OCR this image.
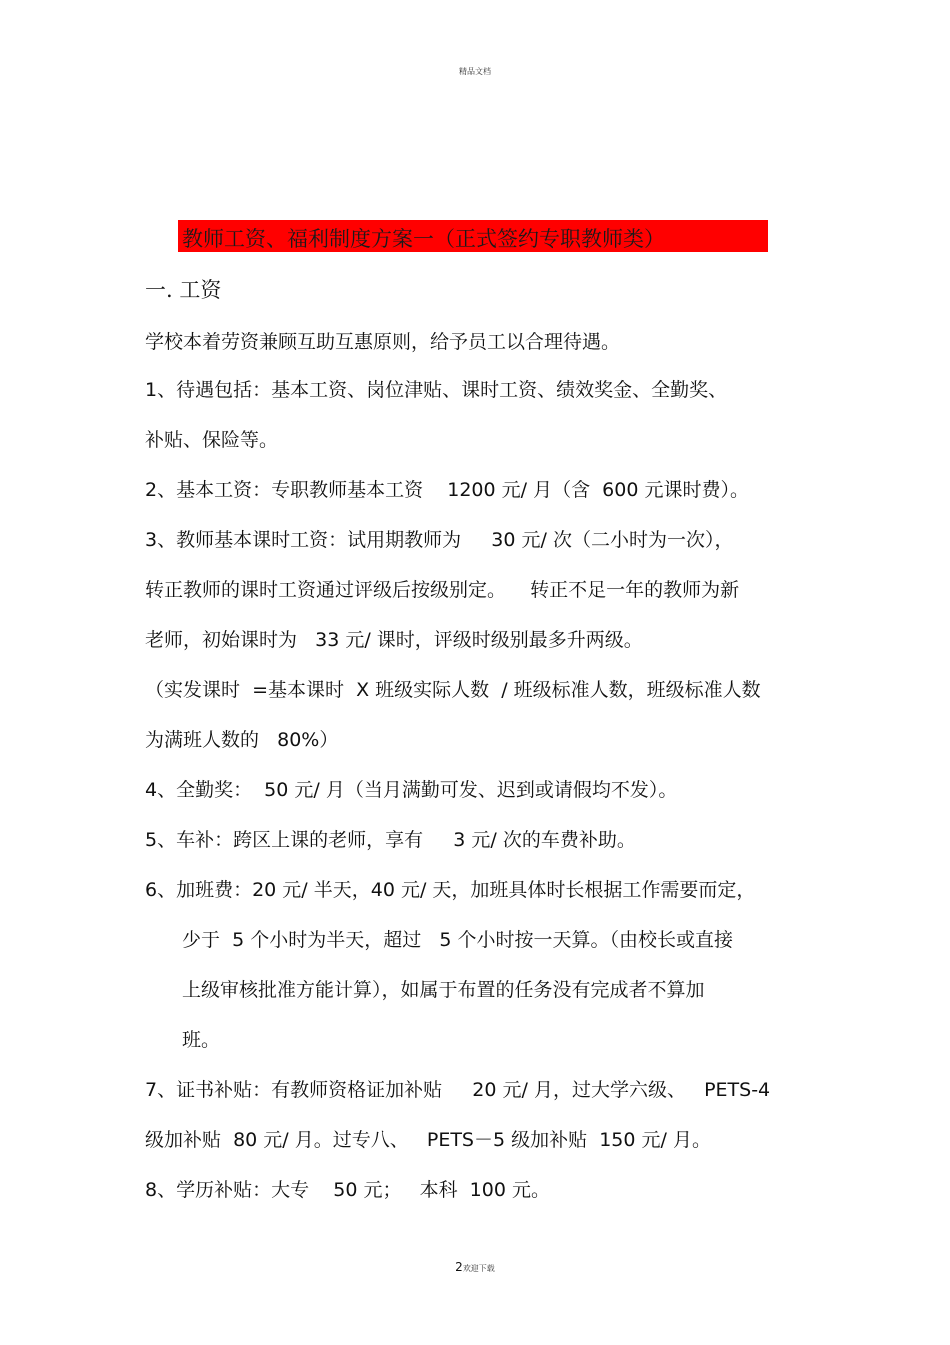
精品文档
教师工资、福利制度方案一（正式签约专职教师类）
一. 工资
学校本着劳资兼顾互助互惠原则，给予员工以合理待遇。
1、待遇包括：基本工资、岗位津贴、课时工资、绩效奖金、全勤奖、
补贴、保险等。
2、基本工资：专职教师基本工资    1200 元/ 月（含  600 元课时费）。
3、教师基本课时工资：试用期教师为     30 元/ 次（二小时为一次），
转正教师的课时工资通过评级后按级别定。    转正不足一年的教师为新
老师，初始课时为   33 元/ 课时，评级时级别最多升两级。
（实发课时  =基本课时  X 班级实际人数  / 班级标准人数，班级标准人数
为满班人数的   80%）
4、全勤奖：  50 元/ 月（当月满勤可发、迟到或请假均不发）。
5、车补：跨区上课的老师，享有     3 元/ 次的车费补助。
6、加班费：20 元/ 半天，40 元/ 天，加班具体时长根据工作需要而定，
少于  5 个小时为半天，超过   5 个小时按一天算。（由校长或直接
上级审核批准方能计算），如属于布置的任务没有完成者不算加
班。
7、证书补贴：有教师资格证加补贴     20 元/ 月，过大学六级、   PETS-4
级加补贴  80 元/ 月。过专八、   PETS－5 级加补贴  150 元/ 月。
8、学历补贴：大专    50 元；   本科  100 元。
2欢迎下载
